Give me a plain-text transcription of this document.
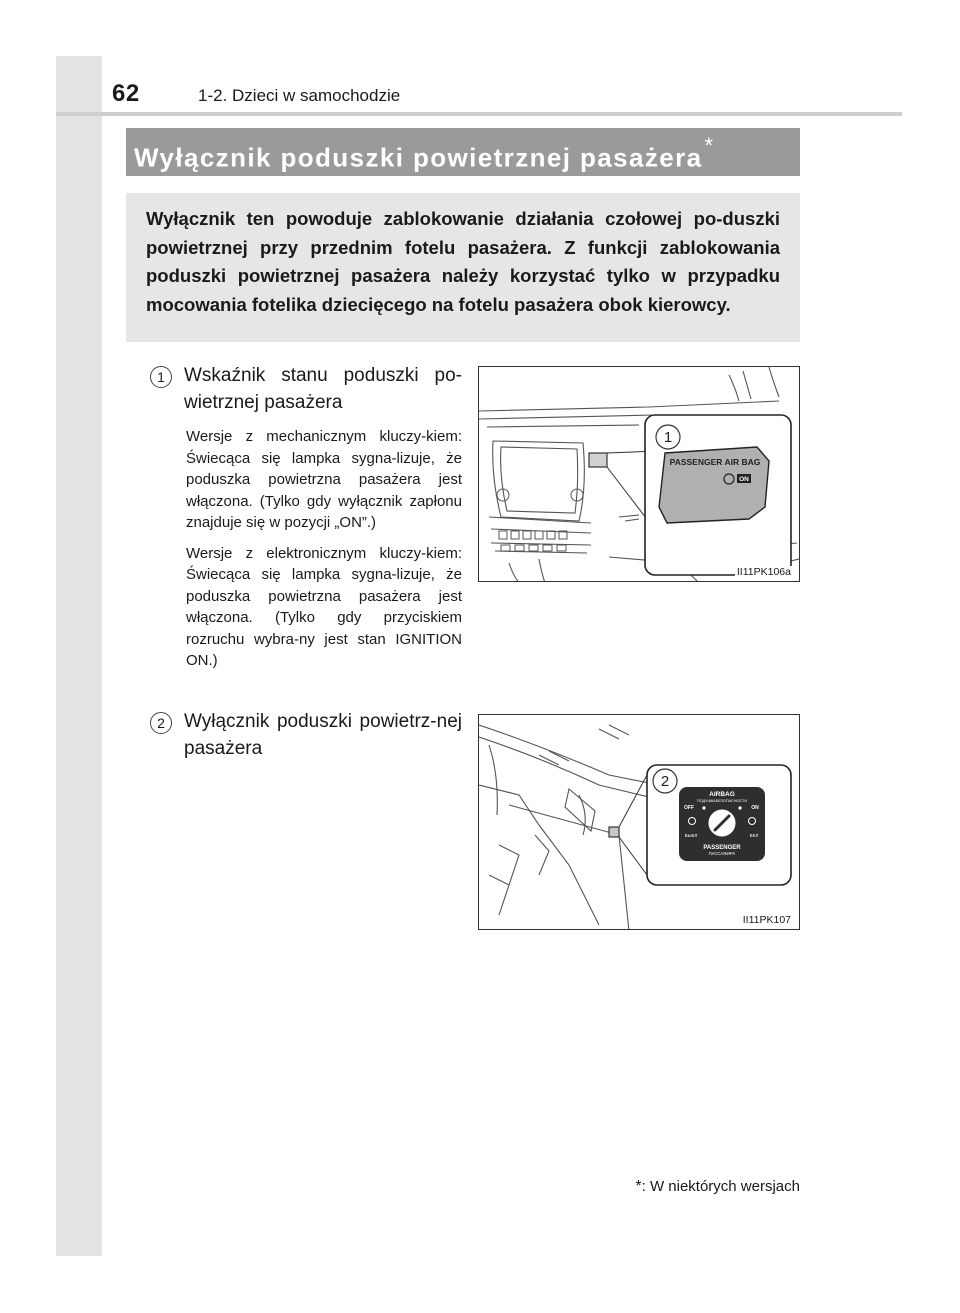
62	1-2. Dzieci w samochodzie
Wyłącznik poduszki powietrznej pasażera*

Wyłącznik ten powoduje zablokowanie działania czołowej po-duszki powietrznej przy przednim fotelu pasażera. Z funkcji zablokowania poduszki powietrznej pasażera należy korzystać tylko w przypadku mocowania fotelika dziecięcego na fotelu pasażera obok kierowcy.

1	Wskaźnik stanu poduszki po-wietrznej pasażera

Wersje z mechanicznym kluczy-kiem: Świecąca się lampka sygna-lizuje, że poduszka powietrzna pasażera jest włączona. (Tylko gdy wyłącznik zapłonu znajduje się w pozycji „ON”.)

Wersje z elektronicznym kluczy-kiem: Świecąca się lampka sygna-lizuje, że poduszka powietrzna pasażera jest włączona. (Tylko gdy przyciskiem rozruchu wybra-ny jest stan IGNITION ON.)

2	Wyłącznik poduszki powietrz-nej pasażera
1
PASSENGER AIR BAG
ON
II11PK106a
2
AIRBAG
ПОДУШКАБЕЗОПАСНОСТИ
OFF	ON
ВЫКЛ	ВКЛ
PASSENGER
ПАССАЖИРА
II11PK107
*: W niektórych wersjach
